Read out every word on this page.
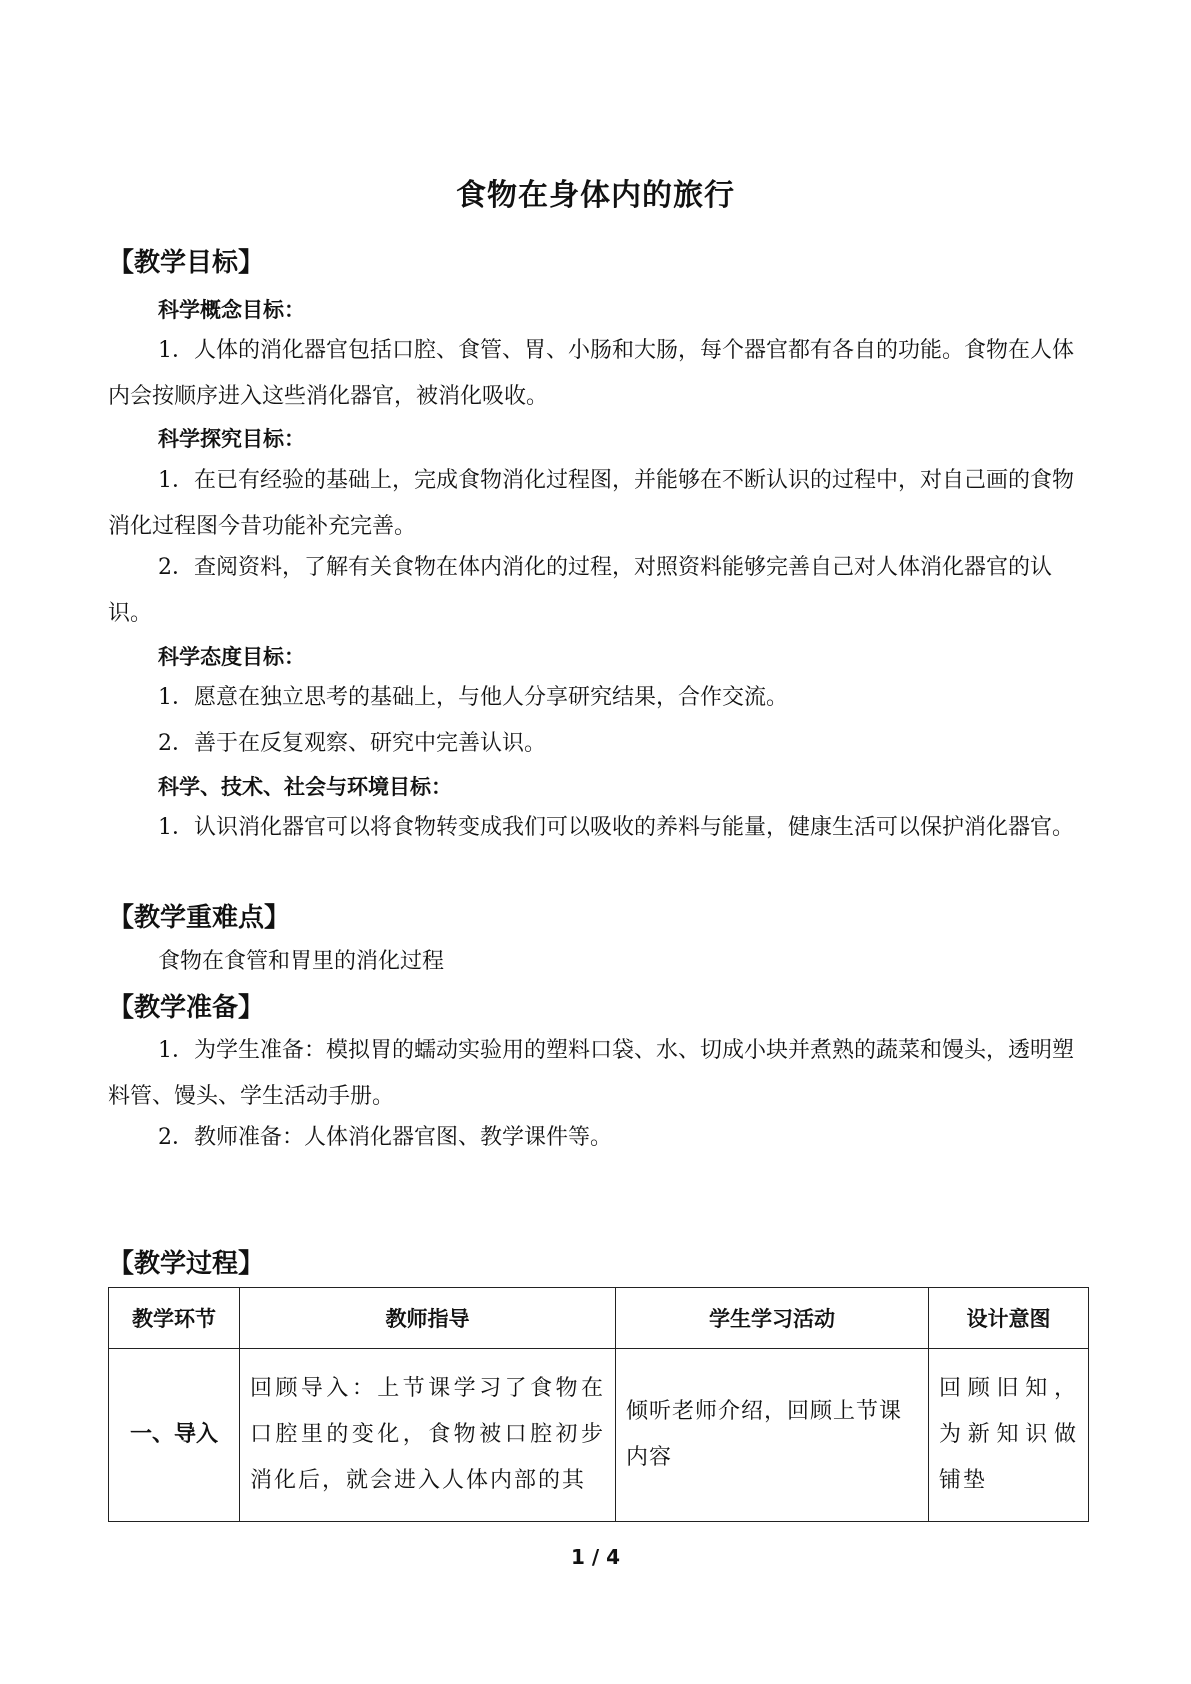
食物在身体内的旅行
【教学目标】
科学概念目标：
1．人体的消化器官包括口腔、食管、胃、小肠和大肠，每个器官都有各自的功能。食物在人体内会按顺序进入这些消化器官，被消化吸收。
科学探究目标：
1．在已有经验的基础上，完成食物消化过程图，并能够在不断认识的过程中，对自己画的食物消化过程图今昔功能补充完善。
2．查阅资料，了解有关食物在体内消化的过程，对照资料能够完善自己对人体消化器官的认识。
科学态度目标：
1．愿意在独立思考的基础上，与他人分享研究结果，合作交流。
2．善于在反复观察、研究中完善认识。
科学、技术、社会与环境目标：
1．认识消化器官可以将食物转变成我们可以吸收的养料与能量，健康生活可以保护消化器官。
【教学重难点】
食物在食管和胃里的消化过程
【教学准备】
1．为学生准备：模拟胃的蠕动实验用的塑料口袋、水、切成小块并煮熟的蔬菜和馒头，透明塑料管、馒头、学生活动手册。
2．教师准备：人体消化器官图、教学课件等。
【教学过程】
教学环节	教师指导	学生学习活动	设计意图
一、导入	回顾导入：上节课学习了食物在口腔里的变化，食物被口腔初步消化后，就会进入人体内部的其	倾听老师介绍，回顾上节课内容	回顾旧知，为新知识做铺垫
1 / 4
